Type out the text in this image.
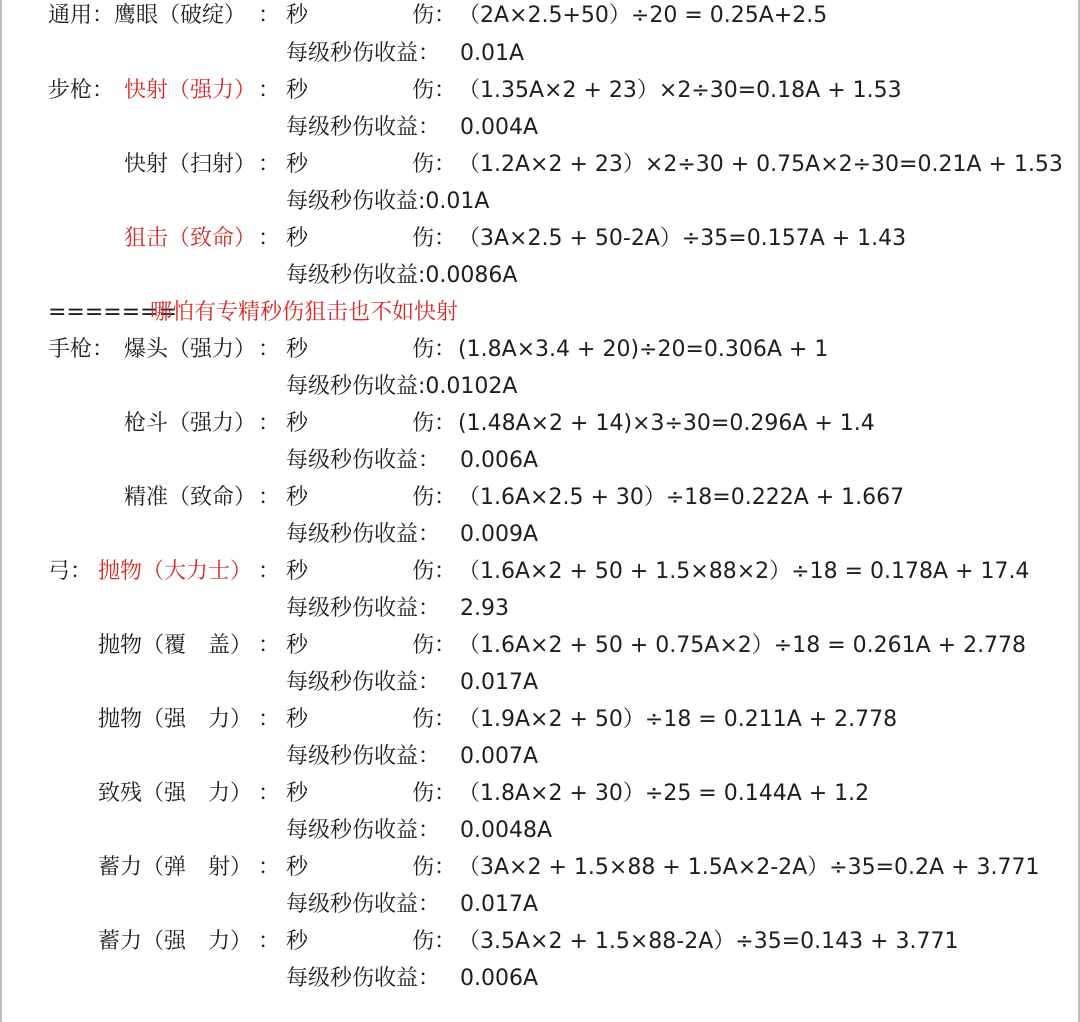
通用： 鹰眼（破绽） ： 秒	伤： （2A×2.5+50）÷20 = 0.25A+2.5
每级秒伤收益： 0.01A
步枪： 快射（强力） ： 秒	伤： （1.35A×2 + 23）×2÷30=0.18A + 1.53
每级秒伤收益： 0.004A
快射（扫射） ： 秒	伤： （1.2A×2 + 23）×2÷30 + 0.75A×2÷30=0.21A + 1.53
每级秒伤收益:0.01A
狙击（致命） ： 秒	伤： （3A×2.5 + 50-2A）÷35=0.157A + 1.43
每级秒伤收益:0.0086A
=======
哪怕有专精秒伤狙击也不如快射
手枪： 爆头（强力） ： 秒	伤： (1.8A×3.4 + 20)÷20=0.306A + 1
每级秒伤收益:0.0102A
枪斗（强力） ： 秒	伤： (1.48A×2 + 14)×3÷30=0.296A + 1.4
每级秒伤收益： 0.006A
精准（致命） ： 秒	伤： （1.6A×2.5 + 30）÷18=0.222A + 1.667
每级秒伤收益： 0.009A
弓： 抛物（大力士） ： 秒	伤： （1.6A×2 + 50 + 1.5×88×2）÷18 = 0.178A + 17.4
每级秒伤收益： 2.93
抛物（覆　盖） ： 秒	伤： （1.6A×2 + 50 + 0.75A×2）÷18 = 0.261A + 2.778
每级秒伤收益： 0.017A
抛物（强　力） ： 秒	伤： （1.9A×2 + 50）÷18 = 0.211A + 2.778
每级秒伤收益： 0.007A
致残（强　力） ： 秒	伤： （1.8A×2 + 30）÷25 = 0.144A + 1.2
每级秒伤收益： 0.0048A
蓄力（弹　射） ： 秒	伤： （3A×2 + 1.5×88 + 1.5A×2-2A）÷35=0.2A + 3.771
每级秒伤收益： 0.017A
蓄力（强　力） ： 秒	伤： （3.5A×2 + 1.5×88-2A）÷35=0.143 + 3.771
每级秒伤收益： 0.006A
